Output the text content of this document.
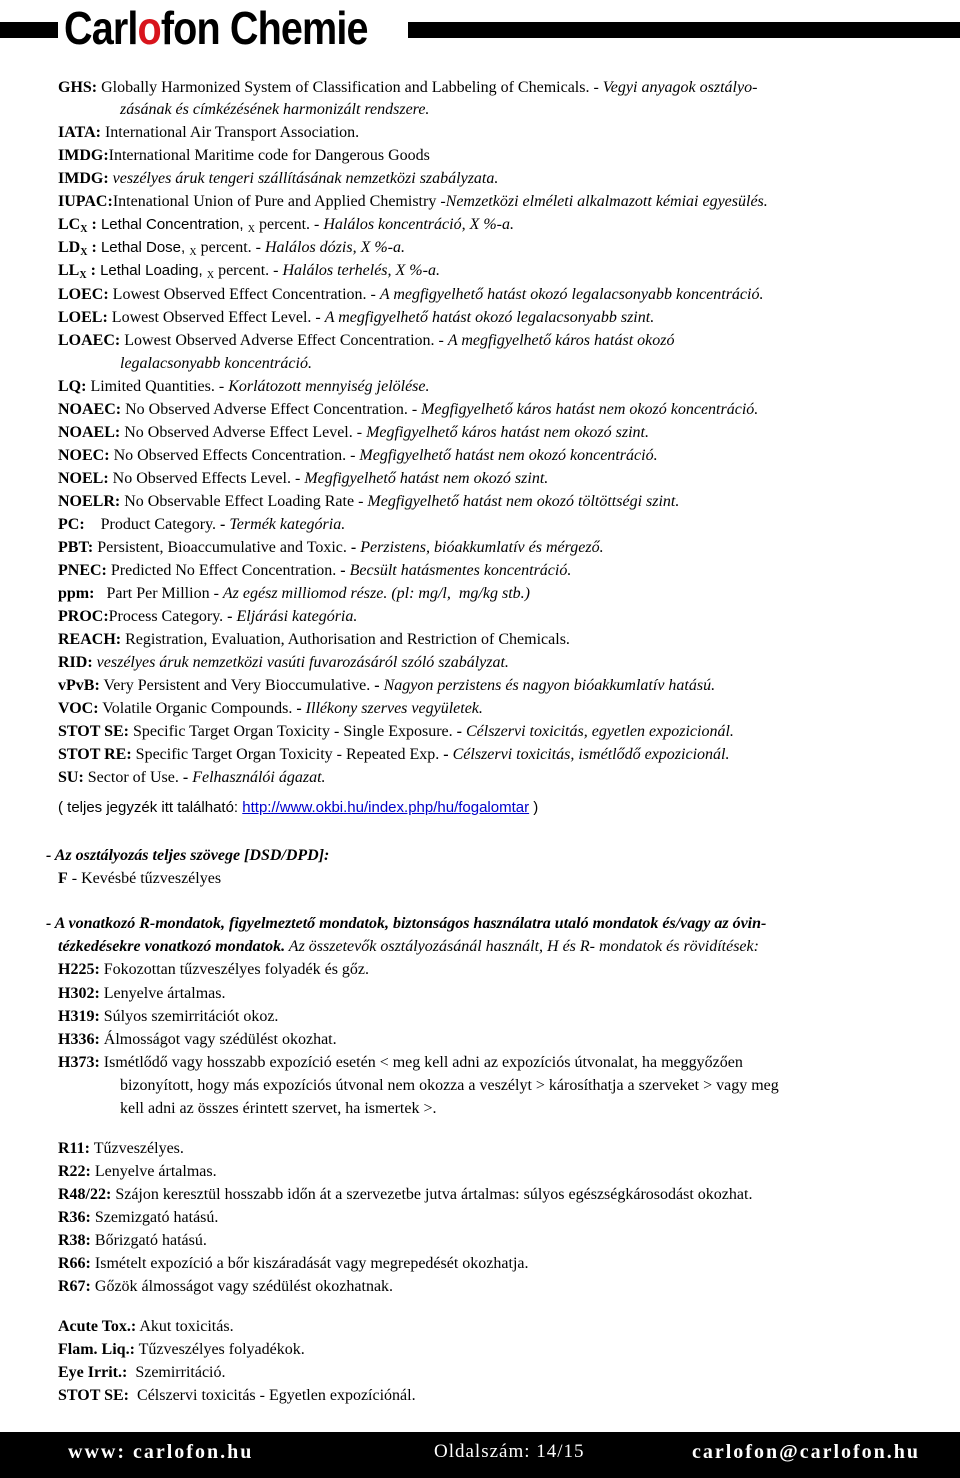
Carlofon Chemie
GHS: Globally Harmonized System of Classification and Labbeling of Chemicals. - Vegyi anyagok osztályo-
zásának és címkézésének harmonizált rendszere.
IATA: International Air Transport Association.
IMDG:International Maritime code for Dangerous Goods
IMDG: veszélyes áruk tengeri szállításának nemzetközi szabályzata.
IUPAC:Intenational Union of Pure and Applied Chemistry -Nemzetközi elméleti alkalmazott kémiai egyesülés.
$LC_X$ : Lethal Concentration, $_X$ percent. - Halálos koncentráció, X %-a.
$LD_X$ : Lethal Dose, $_X$ percent. - Halálos dózis, X %-a.
$LL_X$ : Lethal Loading, $_X$ percent. - Halálos terhelés, X %-a.
LOEC: Lowest Observed Effect Concentration. - A megfigyelhető hatást okozó legalacsonyabb koncentráció.
LOEL: Lowest Observed Effect Level. - A megfigyelhető hatást okozó legalacsonyabb szint.
LOAEC: Lowest Observed Adverse Effect Concentration. - A megfigyelhető káros hatást okozó
legalacsonyabb koncentráció.
LQ: Limited Quantities. - Korlátozott mennyiség jelölése.
NOAEC: No Observed Adverse Effect Concentration. - Megfigyelhető káros hatást nem okozó koncentráció.
NOAEL: No Observed Adverse Effect Level. - Megfigyelhető káros hatást nem okozó szint.
NOEC: No Observed Effects Concentration. - Megfigyelhető hatást nem okozó koncentráció.
NOEL: No Observed Effects Level. - Megfigyelhető hatást nem okozó szint.
NOELR: No Observable Effect Loading Rate - Megfigyelhető hatást nem okozó töltöttségi szint.
PC:    Product Category. - Termék kategória.
PBT: Persistent, Bioaccumulative and Toxic. - Perzistens, bióakkumlatív és mérgező.
PNEC: Predicted No Effect Concentration. - Becsült hatásmentes koncentráció.
ppm:   Part Per Million - Az egész milliomod része. (pl: mg/l,  mg/kg stb.)
PROC:Process Category. - Eljárási kategória.
REACH: Registration, Evaluation, Authorisation and Restriction of Chemicals.
RID: veszélyes áruk nemzetközi vasúti fuvarozásáról szóló szabályzat.
vPvB: Very Persistent and Very Bioccumulative. - Nagyon perzistens és nagyon bióakkumlatív hatású.
VOC: Volatile Organic Compounds. - Illékony szerves vegyületek.
STOT SE: Specific Target Organ Toxicity - Single Exposure. - Célszervi toxicitás, egyetlen expozicionál.
STOT RE: Specific Target Organ Toxicity - Repeated Exp. - Célszervi toxicitás, ismétlődő expozicionál.
SU: Sector of Use. - Felhasználói ágazat.
( teljes jegyzék itt található: http://www.okbi.hu/index.php/hu/fogalomtar )
- Az osztályozás teljes szövege [DSD/DPD]:
F - Kevésbé tűzveszélyes
- A vonatkozó R-mondatok, figyelmeztető mondatok, biztonságos használatra utaló mondatok és/vagy az óvin-
tézkedésekre vonatkozó mondatok. Az összetevők osztályozásánál használt, H és R- mondatok és rövidítések:
H225: Fokozottan tűzveszélyes folyadék és gőz.
H302: Lenyelve ártalmas.
H319: Súlyos szemirritációt okoz.
H336: Álmosságot vagy szédülést okozhat.
H373: Ismétlődő vagy hosszabb expozíció esetén < meg kell adni az expozíciós útvonalat, ha meggyőzően
bizonyított, hogy más expozíciós útvonal nem okozza a veszélyt > károsíthatja a szerveket > vagy meg
kell adni az összes érintett szervet, ha ismertek >.
R11: Tűzveszélyes.
R22: Lenyelve ártalmas.
R48/22: Szájon keresztül hosszabb időn át a szervezetbe jutva ártalmas: súlyos egészségkárosodást okozhat.
R36: Szemizgató hatású.
R38: Bőrizgató hatású.
R66: Ismételt expozíció a bőr kiszáradását vagy megrepedését okozhatja.
R67: Gőzök álmosságot vagy szédülést okozhatnak.
Acute Tox.: Akut toxicitás.
Flam. Liq.: Tűzveszélyes folyadékok.
Eye Irrit.:  Szemirritáció.
STOT SE:  Célszervi toxicitás - Egyetlen expozíciónál.
www: carlofon.hu	Oldalszám: 14/15	carlofon@carlofon.hu
